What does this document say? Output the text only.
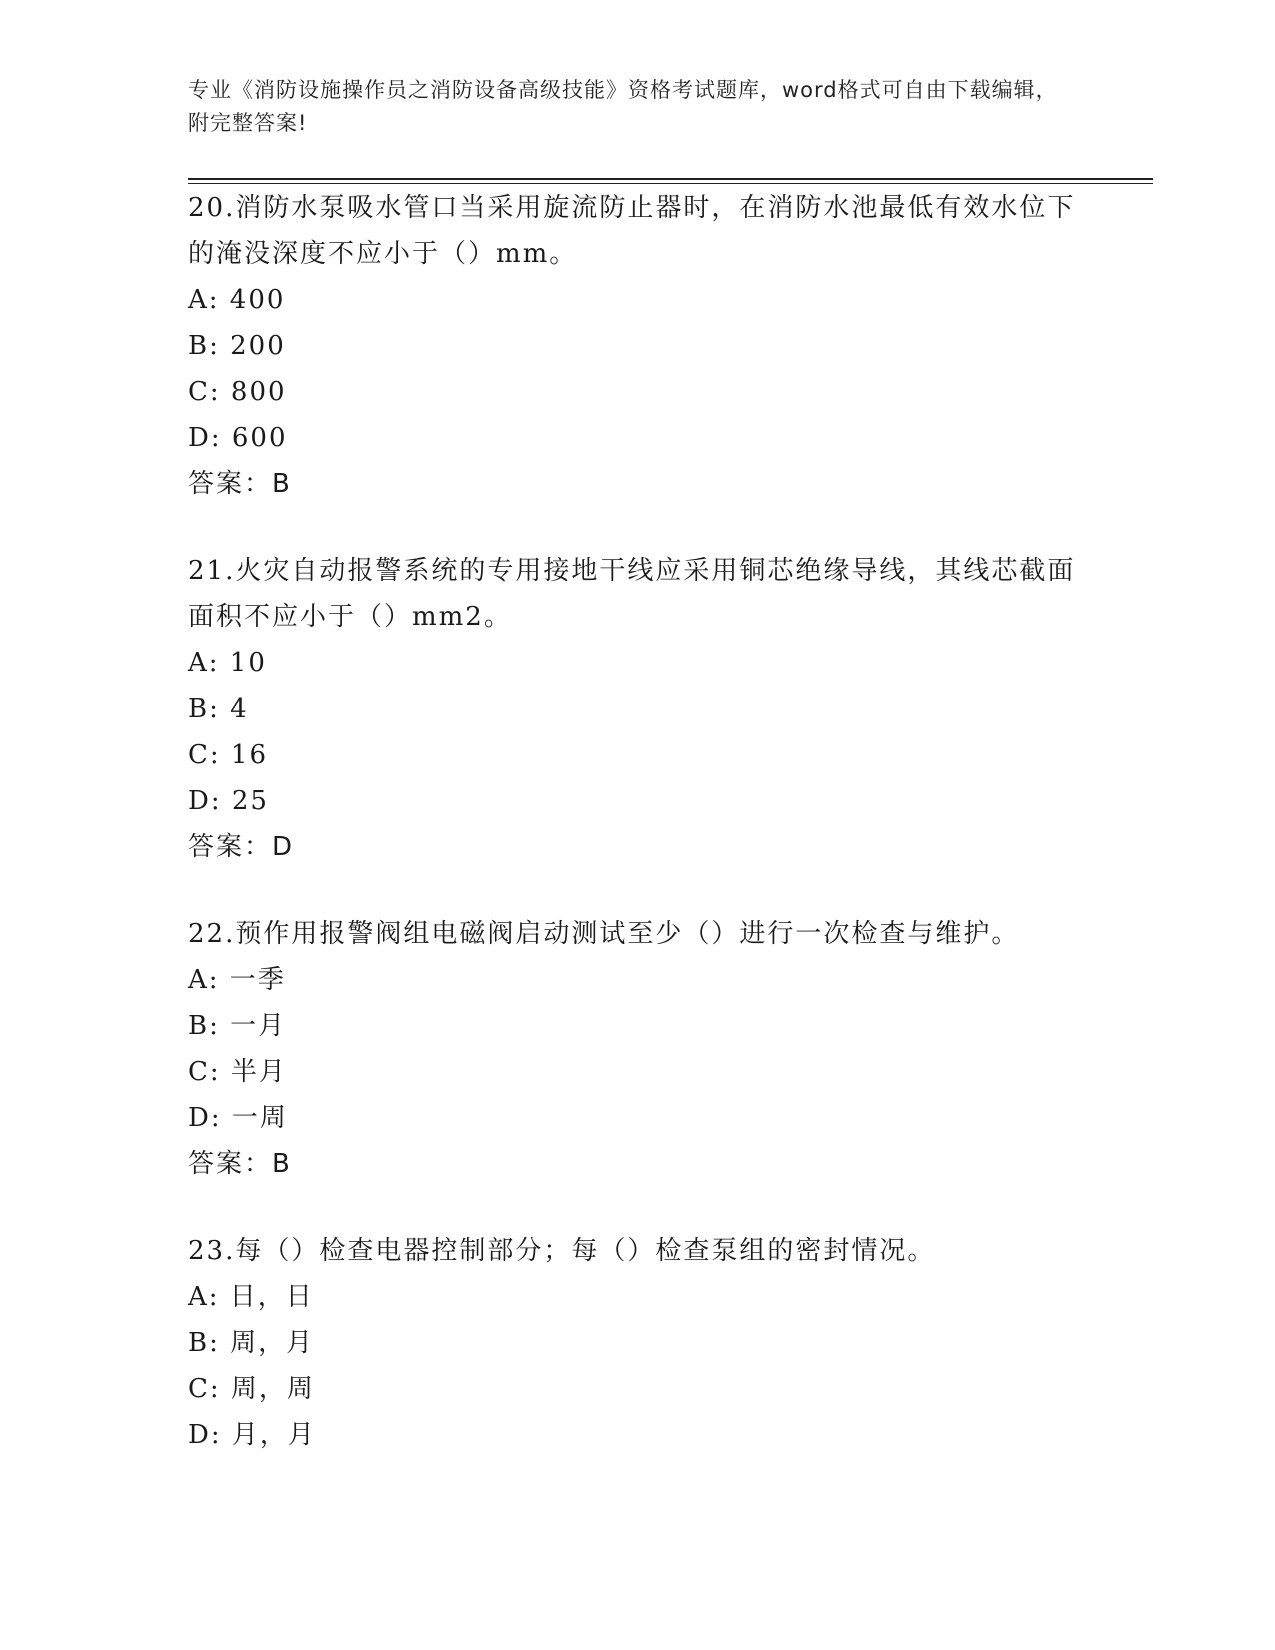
专业《消防设施操作员之消防设备高级技能》资格考试题库，word格式可自由下载编辑，附完整答案!
20.消防水泵吸水管口当采用旋流防止器时，在消防水池最低有效水位下的淹没深度不应小于（）mm。
A: 400
B: 200
C: 800
D: 600
答案：B
21.火灾自动报警系统的专用接地干线应采用铜芯绝缘导线，其线芯截面面积不应小于（）mm2。
A: 10
B: 4
C: 16
D: 25
答案：D
22.预作用报警阀组电磁阀启动测试至少（）进行一次检查与维护。
A: 一季
B: 一月
C: 半月
D: 一周
答案：B
23.每（）检查电器控制部分；每（）检查泵组的密封情况。
A: 日，日
B: 周，月
C: 周，周
D: 月，月
